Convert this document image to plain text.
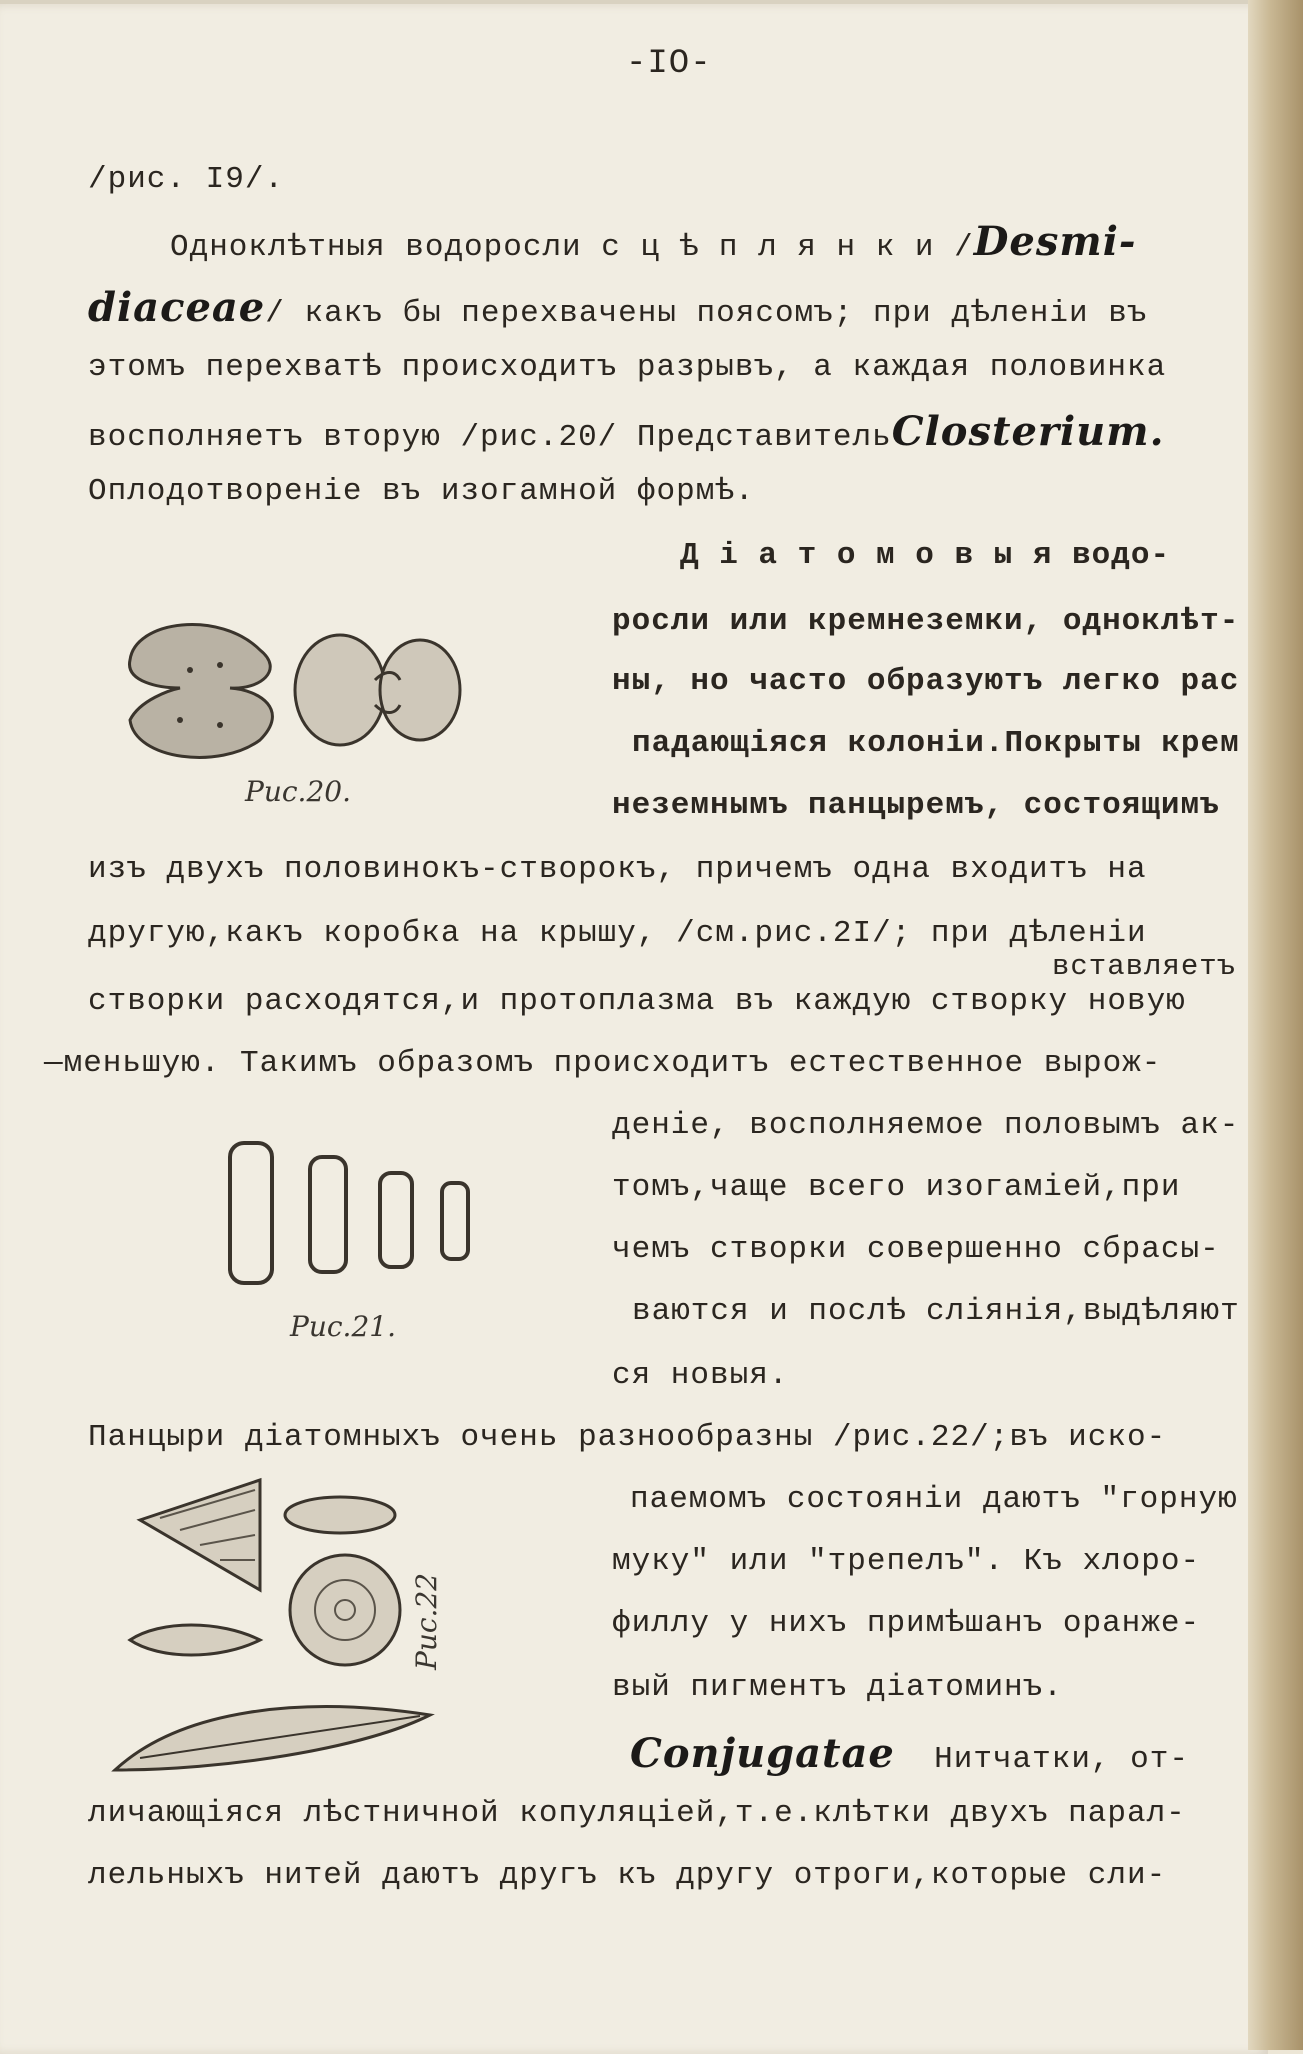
-IO-
/рис. I9/.
Одноклѣтныя водоросли с ц ѣ п л я н к и /Desmi-
diaceae/ какъ бы перехвачены поясомъ; при дѣленiи въ
этомъ перехватѣ происходитъ разрывъ, а каждая половинка
восполняетъ вторую /рис.20/ ПредставительClosterium.
Оплодотворенiе въ изогамной формѣ.
Д і а т о м о в ы я водо-
росли или кремнеземки, одноклѣт-
ны, но часто образуютъ легко рас
падающіяся колоніи.Покрыты крем
неземнымъ панцыремъ, состоящимъ
Рис.20.
изъ двухъ половинокъ-створокъ, причемъ одна входитъ на
другую,какъ коробка на крышу, /см.рис.2I/; при дѣленіи
вставляетъ
створки расходятся,и протоплазма въ каждую створку новую
—меньшую. Такимъ образомъ происходитъ естественное вырож-
деніе, восполняемое половымъ ак-
томъ,чаще всего изогаміей,при
чемъ створки совершенно сбрасы-
ваются и послѣ сліянія,выдѣляют
ся новыя.
Рис.21.
Панцыри діатомныхъ очень разнообразны /рис.22/;въ иско-
паемомъ состояніи даютъ "горную
муку" или "трепелъ". Къ хлоро-
филлу у нихъ примѣшанъ оранже-
вый пигментъ діатоминъ.
Рис.22
Conjugatae Нитчатки, от-
личающіяся лѣстничной копуляціей,т.е.клѣтки двухъ парал-
лельныхъ нитей даютъ другъ къ другу отроги,которые сли-
